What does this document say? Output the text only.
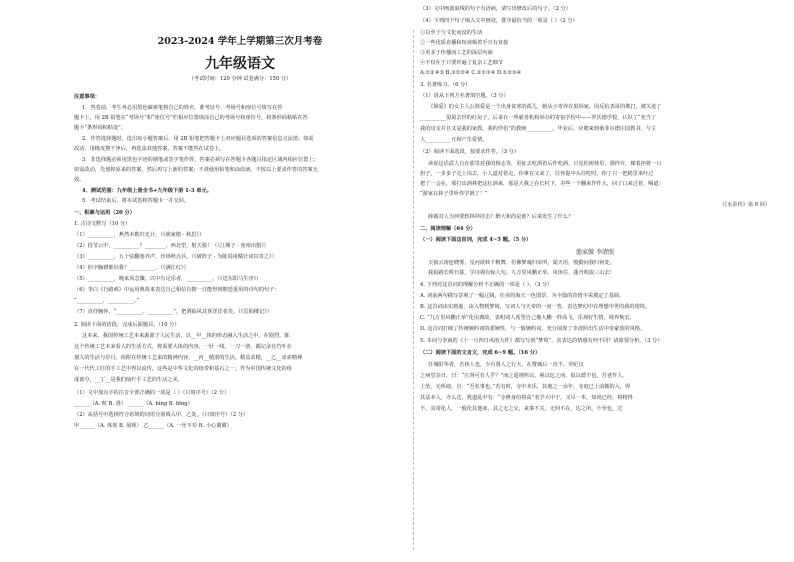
2023-2024 学年上学期第三次月考卷
九年级语文
（考试时间：120 分钟 试卷满分：150 分）
注意事项：
1．答卷前，考生务必用黑色碳素笔将自己的姓名、准考证号、考场号和座位号填写在答
题卡上，用 2B 铅笔在“考场号”和“座位号”栏相应位置填涂自己的考场号和座位号。将条形码粘贴在答
题卡“条形码粘贴处”。
2．作答选择题时，选出每小题答案后，用 2B 铅笔把答题卡上对应题目选项的答案信息点涂黑；如需
改动，用橡皮擦干净后，再选涂其他答案，答案不能答在试卷上。
3．非选择题必须用黑色字迹的钢笔或签字笔作答，答案必须写在答题卡各题目指定区域内相应位置上；
如需改动，先划掉原来的答案，然后再写上新的答案；不准使用铅笔和涂改液。不按以上要求作答的答案无
效。
4．测试范围：九年级上册全书+九年级下册 1-3 单元。
5．考试结束后，将本试卷和答题卡一并交回。
一、积累与运用（20 分）
1. 古诗文默写（10 分）
（1）__________，燕然未勒归无计。（《渔家傲 · 秋思》）
（2）持节云中，__________？________，西北望，射天狼！（《江城子 · 密州出猎》）
（3）__________，五十弦翻塞外声，沙场秋点兵。（《破阵子 · 为陈同甫赋壮词以寄之》）
（4）佰字胸襟谁识我？__________。（《满江红》）
（5）__________，晚来风急骤，以中有足乐者，__________。（《送东阳马生序》）
（6）李白《行路难》中运用典故来表达自己相信有朝一日能得到朝廷重用的诗句的句子：
“__________，__________。”
（7）直抒胸怀，“__________，__________”，把酒临风其喜洋洋者矣。（《岳阳楼记》）
2. 阅读下面的语段，完成后面题目。（10 分）
这本来，我国传统工艺本来源源于人民生活，以__甲__体的形态融入生活之中。在剧烈，陈
这个传统工艺本来看人的生活方式，将需要大体的内容，一针一线，一刀一凿，都记录在竹叶在
刻人的生活与岁月。依附在传统工艺来的精神内容，__丙__精湛的生活，精益求精，__乙__求索精神
在一代代工匠的手工艺中得以流传，这些是中华文化的纽带和基石之一。作为中国传统文化的组
成部分，__丁__是我们灿烂手工艺的生活之美。
（1）文中加点字的注音全部正确的一项是（ ）（只填序号）（2 分）
______（A. 赃 B. 准） ______（A. bìng B. bīng）
（2）从括号中选择符合语境的词语分别填入甲、乙处。（只填序号）（2 分）
甲______（A. 体现 B. 展现） 乙______（A. 一丝不苟 B. 小心翼翼）
（3）文中画波浪线的句子有语病，请写出修改后的句子。（2 分）
（4）下列四个句子填入文中画处，排序最恰当的一项是（ ）（2 分）
①以至于与文化而设的生活
②一些优质直播和短视频着手且有直接
③更多于传播而工艺的深层内涵
④不仅在于只要传遍了复杂工艺细节
A.①②④③ B.③①②④ C.②①③④ D.①②③④
3. 名著练习。（6 分）
（1）请从下列方名著填空题。（3 分）
《简爱》的女主人公简爱是一个出身贫寒的孤儿，她从小寄养在舅妈家，因反抗表哥的欺打，被关进了
__________舅舅去世的红房子。后来在一所慈善机构举办的寄宿学校中——罗沃德学校，认识了“充当了
我的母亲并且又是我的家教，我的伴侣”的教师__________。毕业后，应聘来到桑菲尔德庄园教书，与主
人__________互相产生爱情。
（2）阅读下面选段，按要求作答。（3 分）
读说这话武人自在那里对我的杨志等，更扯去吃酒着后作吃酒，只见松树林里，那样许，梯着担将一只
担子，一步步子走上岗去，小人道对着走，你拿在又来了，往怀提中头往吃时，你了只一把梢里米叶过
把了一会在，那打出酒林把这扛酒来，那是大我之在长村下，差些一个翻来作作大，回了口来过着，喝道：
“游家在林子里听你学到了！”
（《水浒传》第 9 回）
薛霸对人为何要软林冲挂击？醉大和尚是谁？后来发生了什么？
二、阅读理解（64 分）
（一）阅读下面这首词，完成 4~5 题。（5 分）
渔家傲 李清照
天接云涛连晓雾，星河欲转千帆舞。仿佛梦魂归帝所，闻天语，殷勤问我归何处。
我报路长嗟日暮，学诗谩有惊人句。九万里风鹏正举。风休住，蓬舟吹取三山去！
4. 下列对这首词的理解分析不正确的一项是（ ）。（3 分）
A. 词前两句描写景观了一幅辽阔、壮美的海天一色图景，为全篇的奇情丰采奠定了基调。
B. 这首词由实到虚，由入物到梦境，写词人与天帝的一问一答，表达梦幻中在理想中世的我的错境。
C. “九万里风鹏正举”化用典故，表明词人希望自己像大鹏一样高飞，乐观好生情，境界恢宏。
D. 这首词打破了传统婉约词的委婉性，与一般婉约词，充分展现了李清照出生活中奇豪放的风格。
5. 本词与李商的《十一月四日风雨大作》都写写到“梦境”，其表达的情感有何不同？请简要分析。（3 分）
（二）阅读下面的文言文，完成 6~9 题。（16 分）
任城阳华者，吾林人也。少有贤人之行大，在赞城后一直不。罗纪汉
之病堂杂日，曰：“庄肾可有人乎？”而之遥则所以，视以忆之而，似以德不也，吾老作人，
上坠，无所助，自：“吾名事也。”若有时，寺中本乐，其地之一余年，寺庭已上前做的入，得
其法本人，寺么达，犹道乱中有：“寺修身的将高”名学大中于，又尽一本，知尚已经，将将得
不，其常化人，一般化其他家，其之无之交，来事不关，无何不在，达之所，不至也，过
